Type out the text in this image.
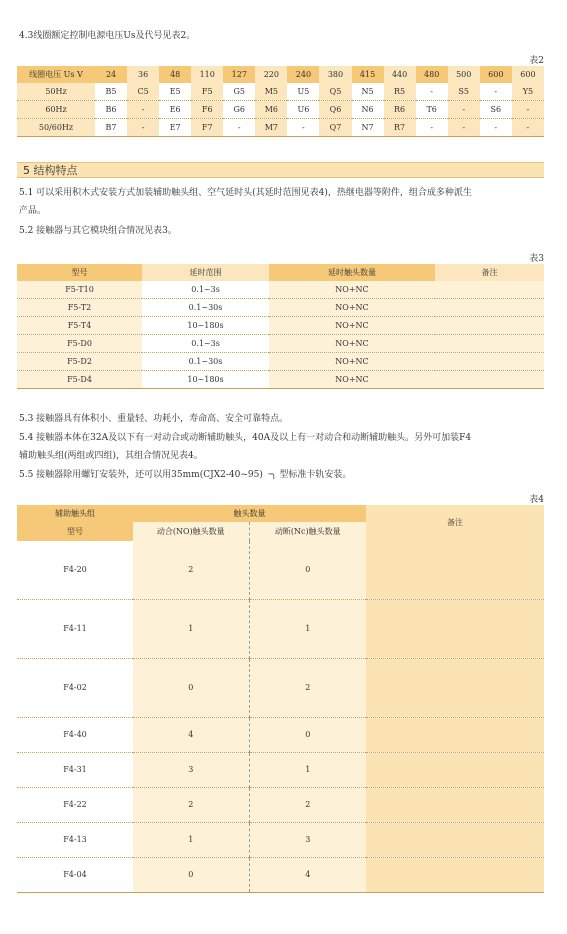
4.3线圈额定控制电源电压Us及代号见表2。

表2
线圈电压 Us V	24	36	48	110	127	220	240	380	415	440	480	500	600	600
50Hz	B5	C5	E5	F5	G5	M5	U5	Q5	N5	R5	-	S5	-	Y5
60Hz	B6	-	E6	F6	G6	M6	U6	Q6	N6	R6	T6	-	S6	-
50/60Hz	B7	-	E7	F7	-	M7	-	Q7	N7	R7	-	-	-	-
5 结构特点

5.1 可以采用积木式安装方式加装辅助触头组、空气延时头(其延时范围见表4)，热继电器等附件，组合成多种派生

产品。

5.2 接触器与其它模块组合情况见表3。

表3
型号	延时范围	延时触头数量	备注
F5-T10	0.1~3s	NO+NC	
F5-T2	0.1~30s	NO+NC	
F5-T4	10~180s	NO+NC	
F5-D0	0.1~3s	NO+NC	
F5-D2	0.1~30s	NO+NC	
F5-D4	10~180s	NO+NC	

5.3 接触器具有体积小、重量轻、功耗小，寿命高、安全可靠特点。

5.4 接触器本体在32A及以下有一对动合或动断辅助触头，40A及以上有一对动合和动断辅助触头。另外可加装F4

辅助触头组(两组或四组)，其组合情况见表4。

5.5 接触器除用螺钉安装外，还可以用35mm(CJX2-40~95) ╶╮ 型标准卡轨安装。

表4
辅助触头组	触头数量		备注
型号	动合(NO)触头数量	动断(Nc)触头数量	
F4-20	2	0	
F4-11	1	1	
F4-02	0	2	
F4-40	4	0	
F4-31	3	1	
F4-22	2	2	
F4-13	1	3	
F4-04	0	4	
